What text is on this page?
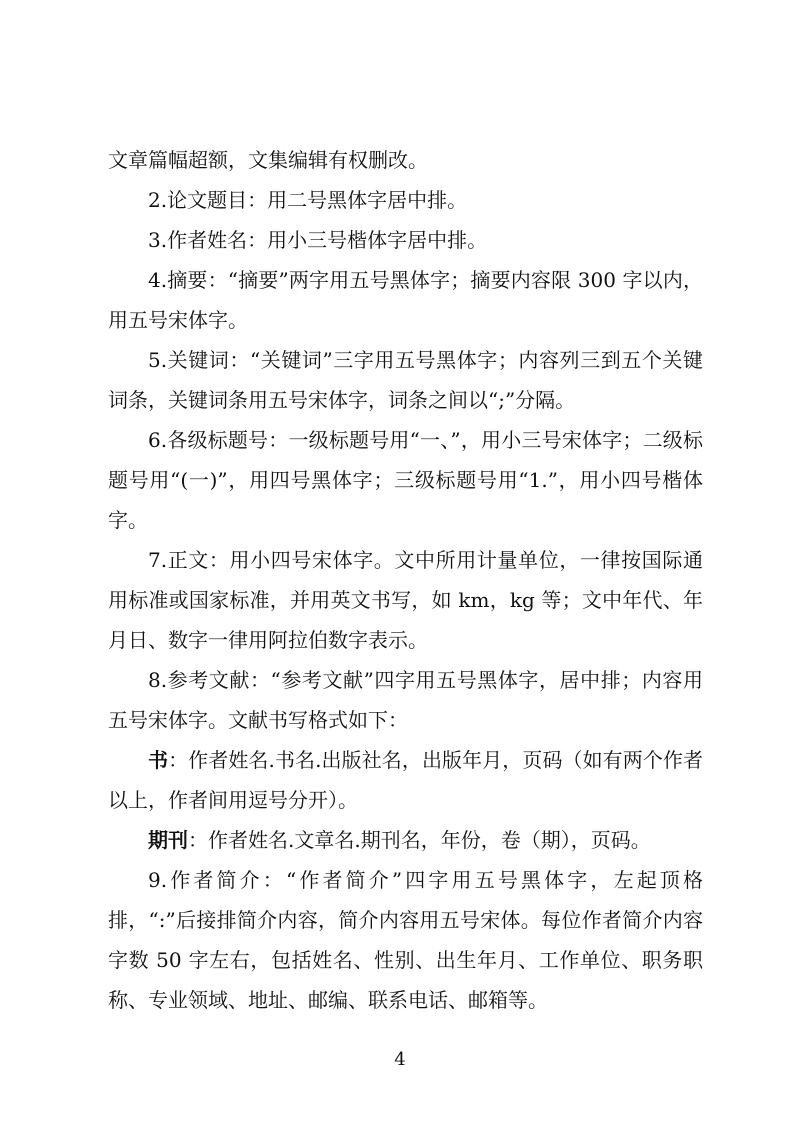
文章篇幅超额，文集编辑有权删改。

2.论文题目：用二号黑体字居中排。

3.作者姓名：用小三号楷体字居中排。

4.摘要：“摘要”两字用五号黑体字；摘要内容限 300 字以内，用五号宋体字。

5.关键词：“关键词”三字用五号黑体字；内容列三到五个关键词条，关键词条用五号宋体字，词条之间以“;”分隔。

6.各级标题号：一级标题号用“一、”，用小三号宋体字；二级标题号用“(一)”，用四号黑体字；三级标题号用“1.”，用小四号楷体字。

7.正文：用小四号宋体字。文中所用计量单位，一律按国际通用标准或国家标准，并用英文书写，如 km，kg 等；文中年代、年月日、数字一律用阿拉伯数字表示。

8.参考文献：“参考文献”四字用五号黑体字，居中排；内容用五号宋体字。文献书写格式如下：

书：作者姓名.书名.出版社名，出版年月，页码（如有两个作者以上，作者间用逗号分开）。

期刊：作者姓名.文章名.期刊名，年份，卷（期），页码。

9.作者简介：“作者简介”四字用五号黑体字，左起顶格排，“:”后接排简介内容，简介内容用五号宋体。每位作者简介内容字数 50 字左右，包括姓名、性别、出生年月、工作单位、职务职称、专业领域、地址、邮编、联系电话、邮箱等。

4
